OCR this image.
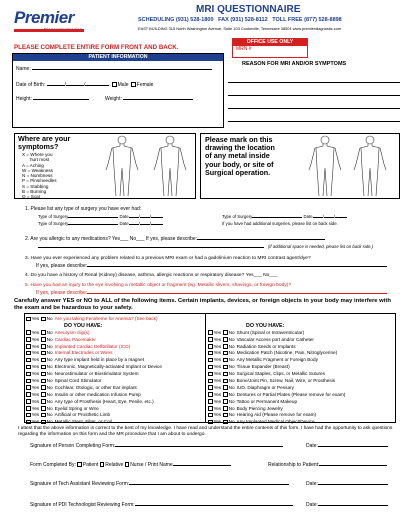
Premier	MRI QUESTIONNAIRE
SCHEDULING (931) 528-1800 FAX (931) 528-8112 TOLL FREE (877) 528-8898
EAST BUILDING 315 North Washington Avenue, Suite 103 Cookeville, Tennessee 38501 www.premierdiagnostic.com
PLEASE COMPLETE ENTIRE FORM FRONT AND BACK.
OFFICE USE ONLY
MRN #
REASON FOR MRI AND/OR SYMPTOMS
PATIENT INFORMATION
Name:
Date of Birth:	/	/	Male Female
Height:	Weight:
Where are your
symptoms?
X = Where you
hurt most
A = Aching
W = Weakness
N = Numbness
P = Pins/needles
S = Stabbing
B = Burning
O = Scar
Please mark on this
drawing the location
of any metal inside
your body, or site of
Surgical operation.
1. Please list any type of surgery you have ever had:
Type of Surgery	Date / /	Type of Surgery	Date / /
Type of Surgery	Date / /	If you have had additional surgeries, please list on back side.
2. Are you allergic to any medications? Yes___ No___ If yes, please describe:
(if additional space is needed, please list on back side.)
3. Have you ever experienced any problem related to a previous MRI exam or had a gadolinium reaction to MRI contrast agent/dye?
If yes, please describe:
4. Do you have a history of Renal (Kidney) disease, asthma, allergic reactions or respiratory disease? Yes___ No___
5. Have you had an injury to the eye involving a metallic object or fragment (eg. Metallic slivers, shavings, or foreign body)?
If yes, please describe:
Carefully answer YES or NO to ALL of the following items. Certain implants, devices, or foreign objects in your body may interfere with the exam and be hazardous to your safety.
Yes No Are you taking Feraheme for Anemia? (See back)
DO YOU HAVE:
Yes No Aneurysm clip(s)
Yes No Cardiac Pacemaker
Yes No Implanted Cardiac Defibrillator (ICD)
Yes No Internal Electrodes or Wires
Yes No Any type implant held in place by a magnet
Yes No Electronic, Magnetically-activated Implant or Device
Yes No Neurostimulator or Biostimulator System
Yes No Spinal Cord Stimulator
Yes No Cochlear, Otologic, or other Ear implant
Yes No Insulin or other medication Infusion Pump
Yes No Any type of Prosthesis (Heart, Eye, Penile, etc.)
Yes No Eyelid Spring or Wire
Yes No Artificial or Prosthetic Limb
Yes No Metallic Stent, Filter, or Coil
DO YOU HAVE:
Yes No Shunt (Spinal or Intraventricular)
Yes No Vascular Access port and/or Catheter
Yes No Radiation Seeds or Implants
Yes No Medication Patch (Nicotine, Pain, Nitroglycerine)
Yes No Any Metallic Fragment or Foreign Body
Yes No Tissue Expander (Breast)
Yes No Surgical Staples, Clips, or Metallic Sutures
Yes No Bone/Joint Pin, Screw, Nail, Wire, or Prosthesis
Yes No IUD, Diaphragm or Pessary
Yes No Dentures or Partial Plates (Please remove for exam)
Yes No Tattoo or Permanent Makeup
Yes No Body Piercing Jewelry
Yes No Hearing Aid (Please remove for exam)
Yes No Any Implanted Medical Object/Device
I attest that the above information is correct to the best of my knowledge. I have read and understand the entire contents of this form. I have had the opportunity to ask questions regarding the information on this form and the MR procedure that I am about to undergo.
Signature of Person Completing Form:	Date:
Form Completed By: Patient Relative Nurse / Print Name	Relationship to Patient:
Signature of Tech Assistant Reviewing Form:	Date:
Signature of PDI Technologist Reviewing Form:	Date:
